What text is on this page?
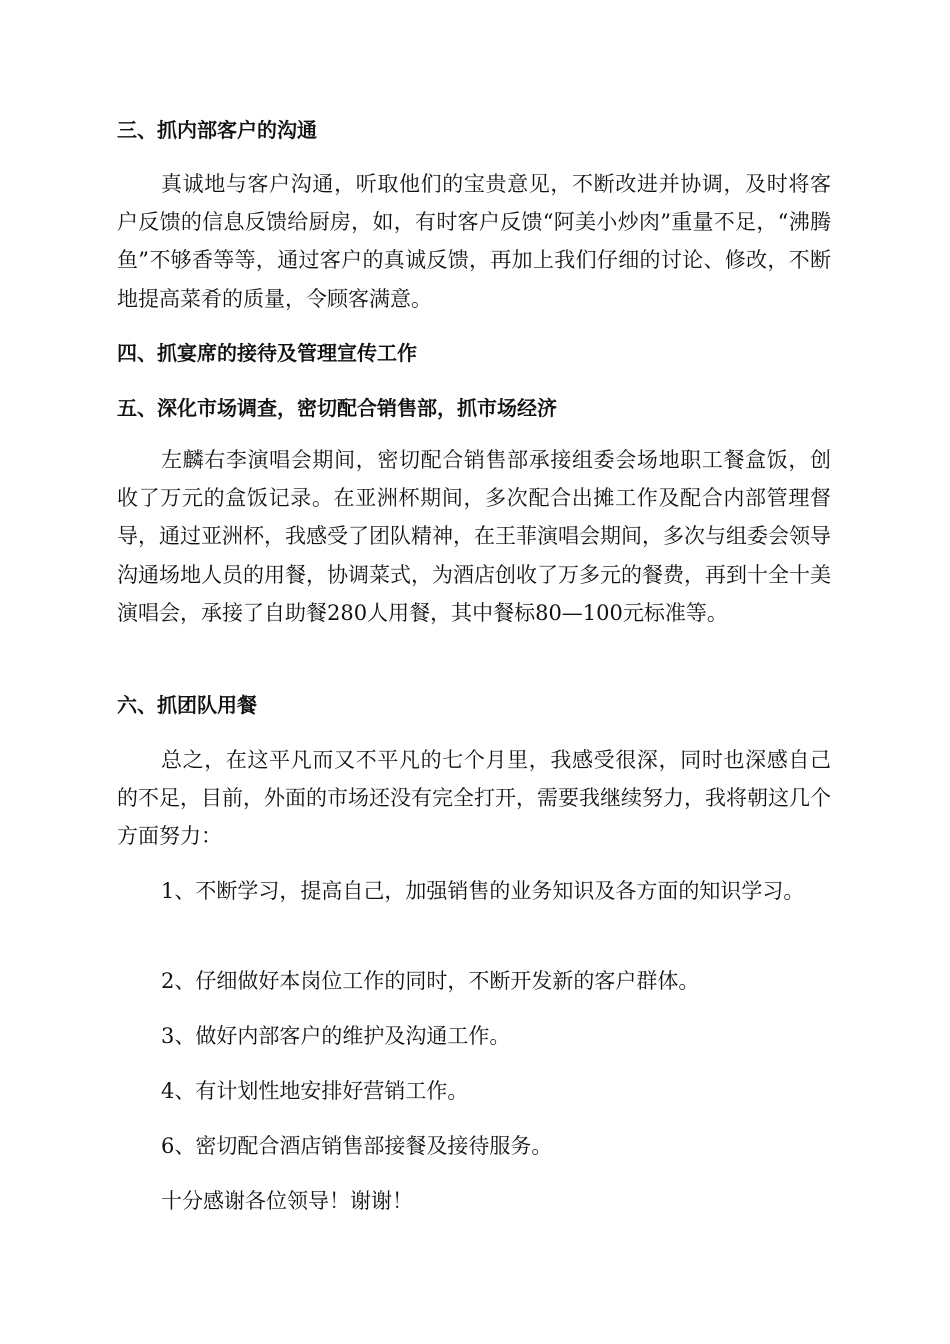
三、抓内部客户的沟通

真诚地与客户沟通，听取他们的宝贵意见，不断改进并协调，及时将客户反馈的信息反馈给厨房，如，有时客户反馈“阿美小炒肉”重量不足，“沸腾鱼”不够香等等，通过客户的真诚反馈，再加上我们仔细的讨论、修改，不断地提高菜肴的质量，令顾客满意。

四、抓宴席的接待及管理宣传工作
五、深化市场调查，密切配合销售部，抓市场经济

左麟右李演唱会期间，密切配合销售部承接组委会场地职工餐盒饭，创收了万元的盒饭记录。在亚洲杯期间，多次配合出摊工作及配合内部管理督导，通过亚洲杯，我感受了团队精神，在王菲演唱会期间，多次与组委会领导沟通场地人员的用餐，协调菜式，为酒店创收了万多元的餐费，再到十全十美演唱会，承接了自助餐280人用餐，其中餐标80—100元标准等。

六、抓团队用餐

总之，在这平凡而又不平凡的七个月里，我感受很深，同时也深感自己的不足，目前，外面的市场还没有完全打开，需要我继续努力，我将朝这几个方面努力：

1、不断学习，提高自己，加强销售的业务知识及各方面的知识学习。

2、仔细做好本岗位工作的同时，不断开发新的客户群体。

3、做好内部客户的维护及沟通工作。

4、有计划性地安排好营销工作。

6、密切配合酒店销售部接餐及接待服务。

十分感谢各位领导！谢谢！
